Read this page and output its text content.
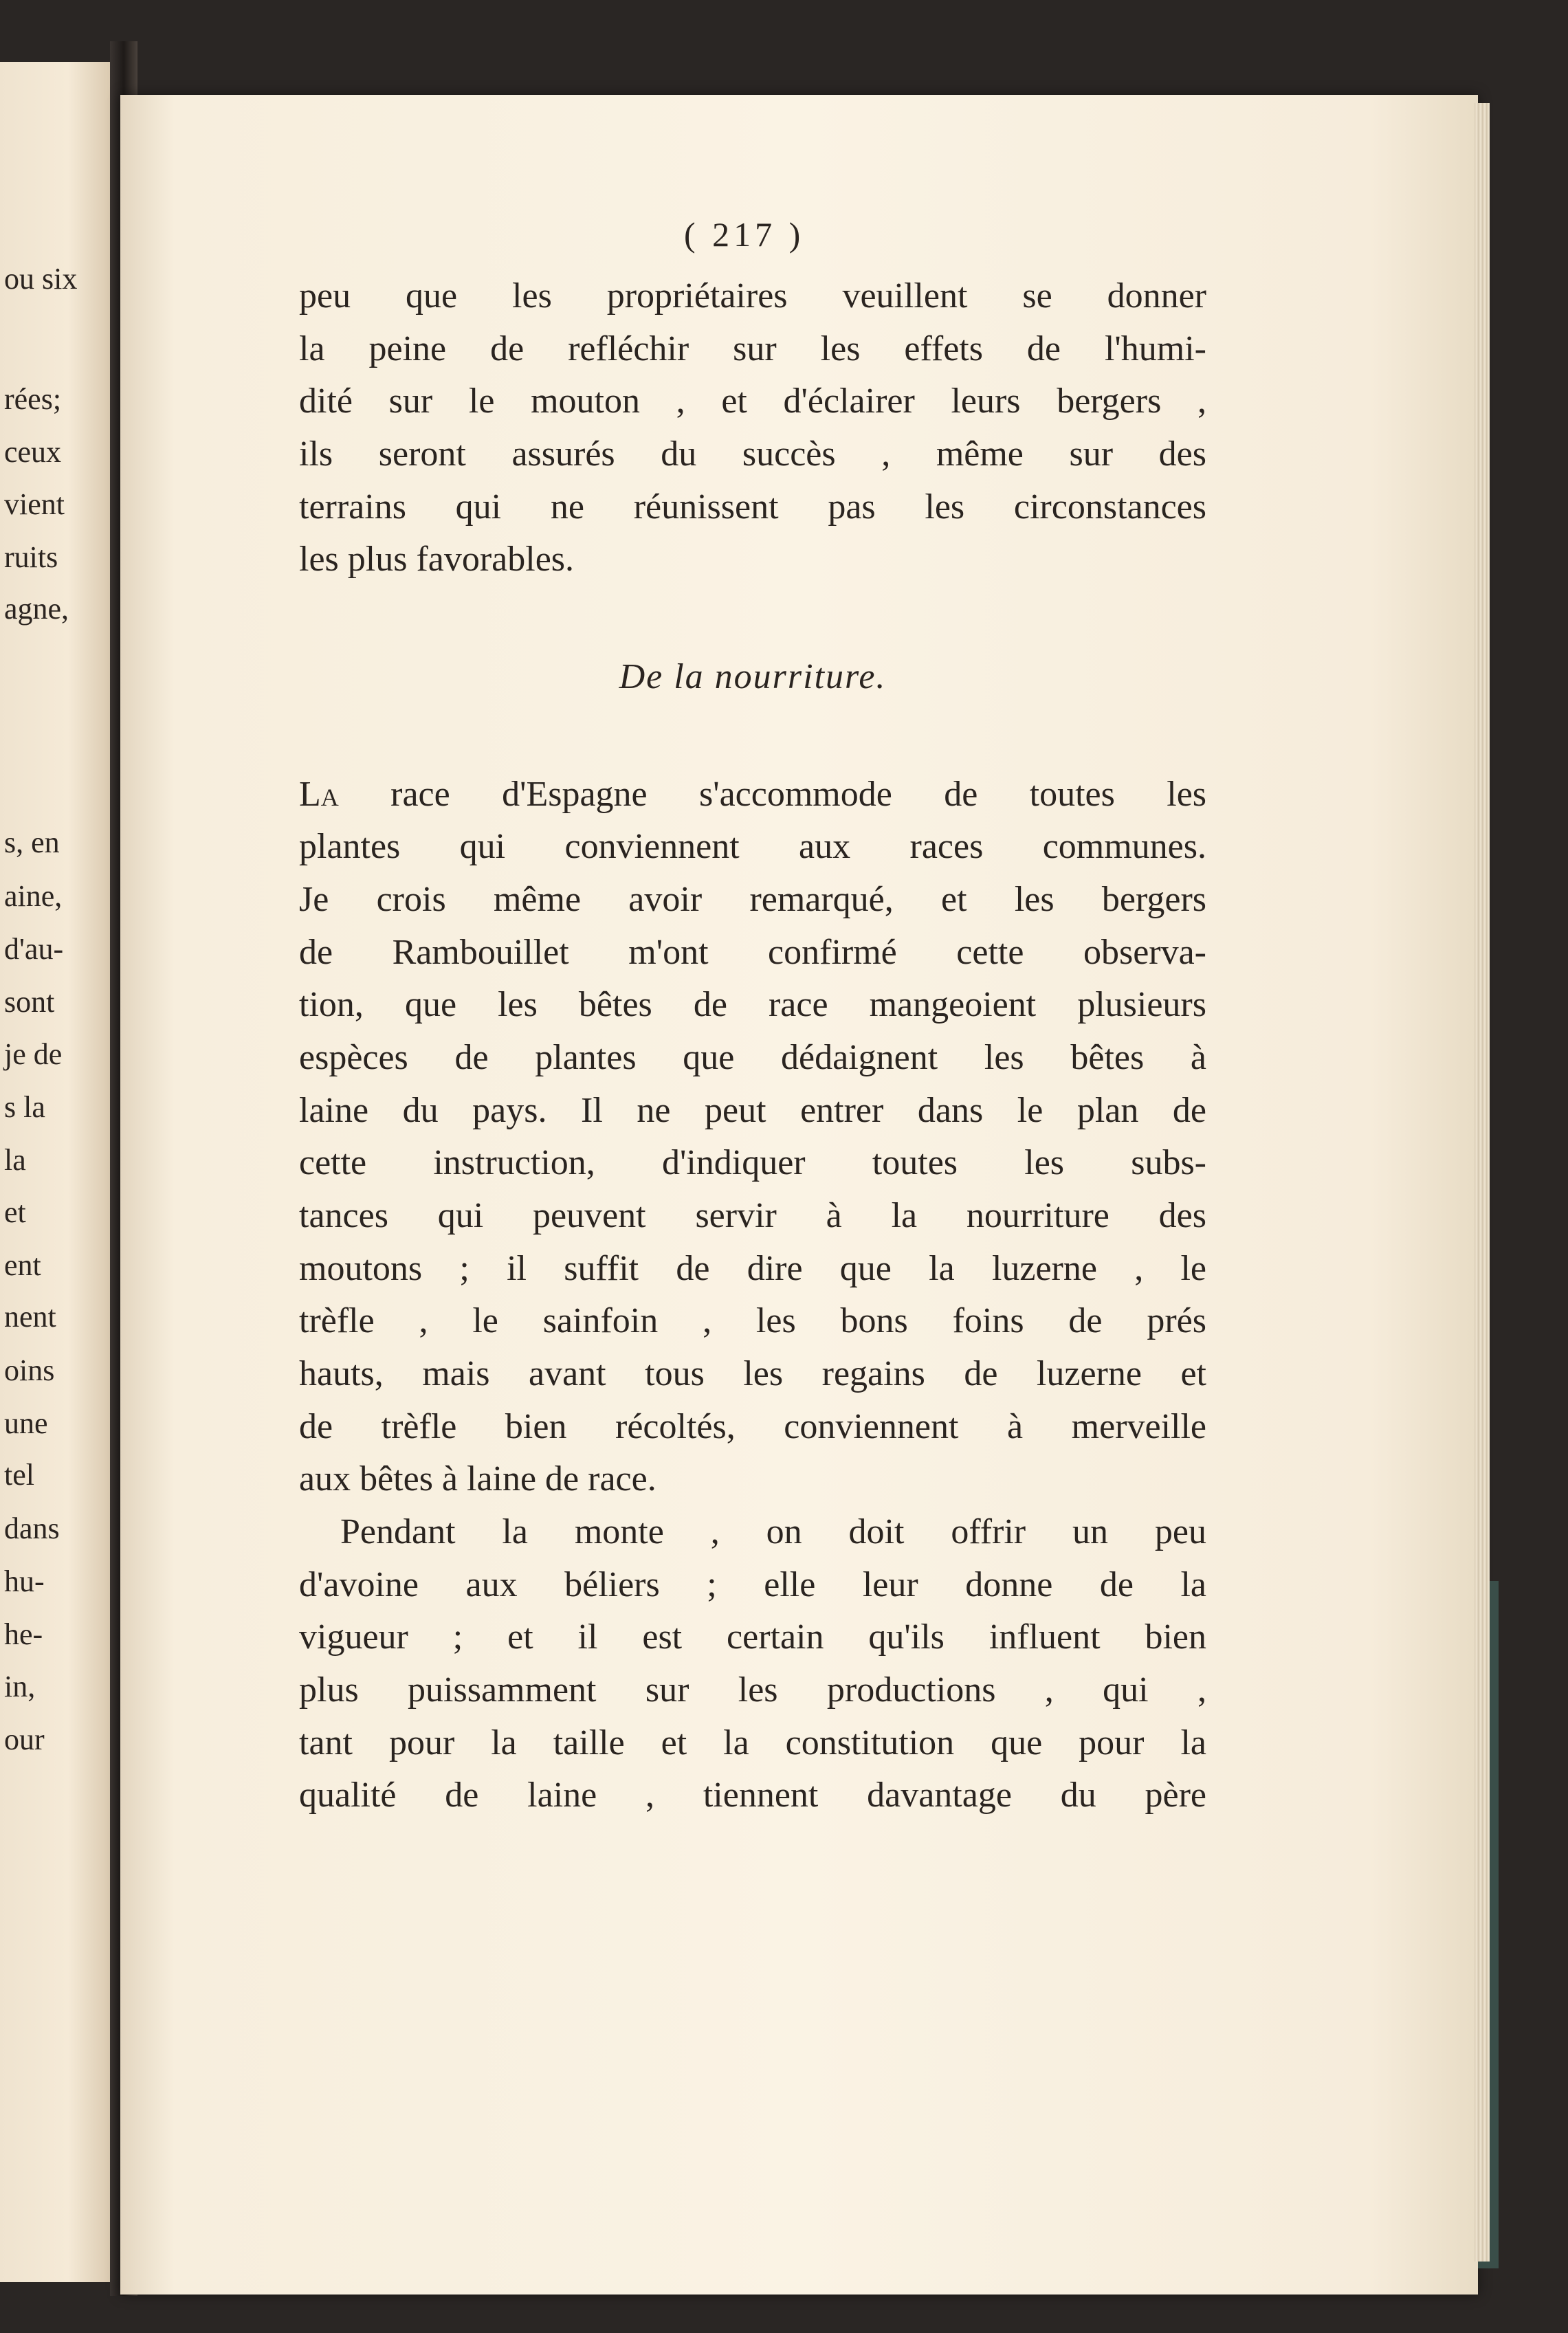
ou six
rées;
ceux
vient
ruits
agne,
s, en
aine,
d'au-
sont
je de
s la
la
et
ent
nent
oins
une
tel
dans
hu-
he-
in,
our
( 217 )
peu que les propriétaires veuillent se donner
la peine de refléchir sur les effets de l'humi-
dité sur le mouton , et d'éclairer leurs bergers ,
ils seront assurés du succès , même sur des
terrains qui ne réunissent pas les circonstances
les plus favorables.
De la nourriture.
La race d'Espagne s'accommode de toutes les
plantes qui conviennent aux races communes.
Je crois même avoir remarqué, et les bergers
de Rambouillet m'ont confirmé cette observa-
tion, que les bêtes de race mangeoient plusieurs
espèces de plantes que dédaignent les bêtes à
laine du pays. Il ne peut entrer dans le plan de
cette instruction, d'indiquer toutes les subs-
tances qui peuvent servir à la nourriture des
moutons ; il suffit de dire que la luzerne , le
trèfle , le sainfoin , les bons foins de prés
hauts, mais avant tous les regains de luzerne et
de trèfle bien récoltés, conviennent à merveille
aux bêtes à laine de race.
Pendant la monte , on doit offrir un peu
d'avoine aux béliers ; elle leur donne de la
vigueur ; et il est certain qu'ils influent bien
plus puissamment sur les productions , qui ,
tant pour la taille et la constitution que pour la
qualité de laine , tiennent davantage du père
